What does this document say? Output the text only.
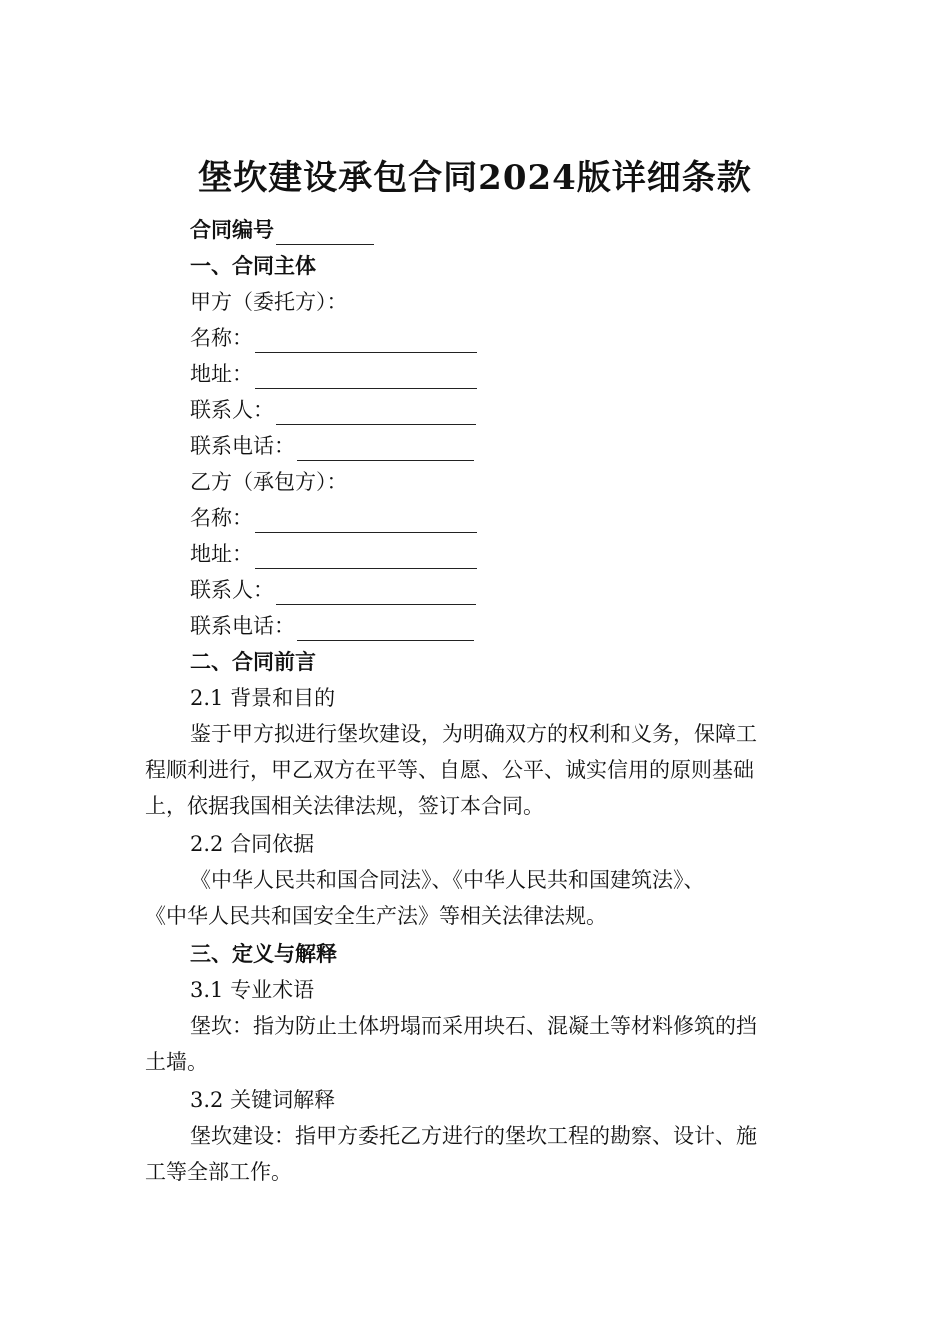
堡坎建设承包合同2024版详细条款
合同编号
一、合同主体
甲方（委托方）：
名称：
地址：
联系人：
联系电话：
乙方（承包方）：
名称：
地址：
联系人：
联系电话：
二、合同前言
2.1 背景和目的
鉴于甲方拟进行堡坎建设，为明确双方的权利和义务，保障工
程顺利进行，甲乙双方在平等、自愿、公平、诚实信用的原则基础
上，依据我国相关法律法规，签订本合同。
2.2 合同依据
《中华人民共和国合同法》、《中华人民共和国建筑法》、
《中华人民共和国安全生产法》等相关法律法规。
三、定义与解释
3.1 专业术语
堡坎：指为防止土体坍塌而采用块石、混凝土等材料修筑的挡
土墙。
3.2 关键词解释
堡坎建设：指甲方委托乙方进行的堡坎工程的勘察、设计、施
工等全部工作。
